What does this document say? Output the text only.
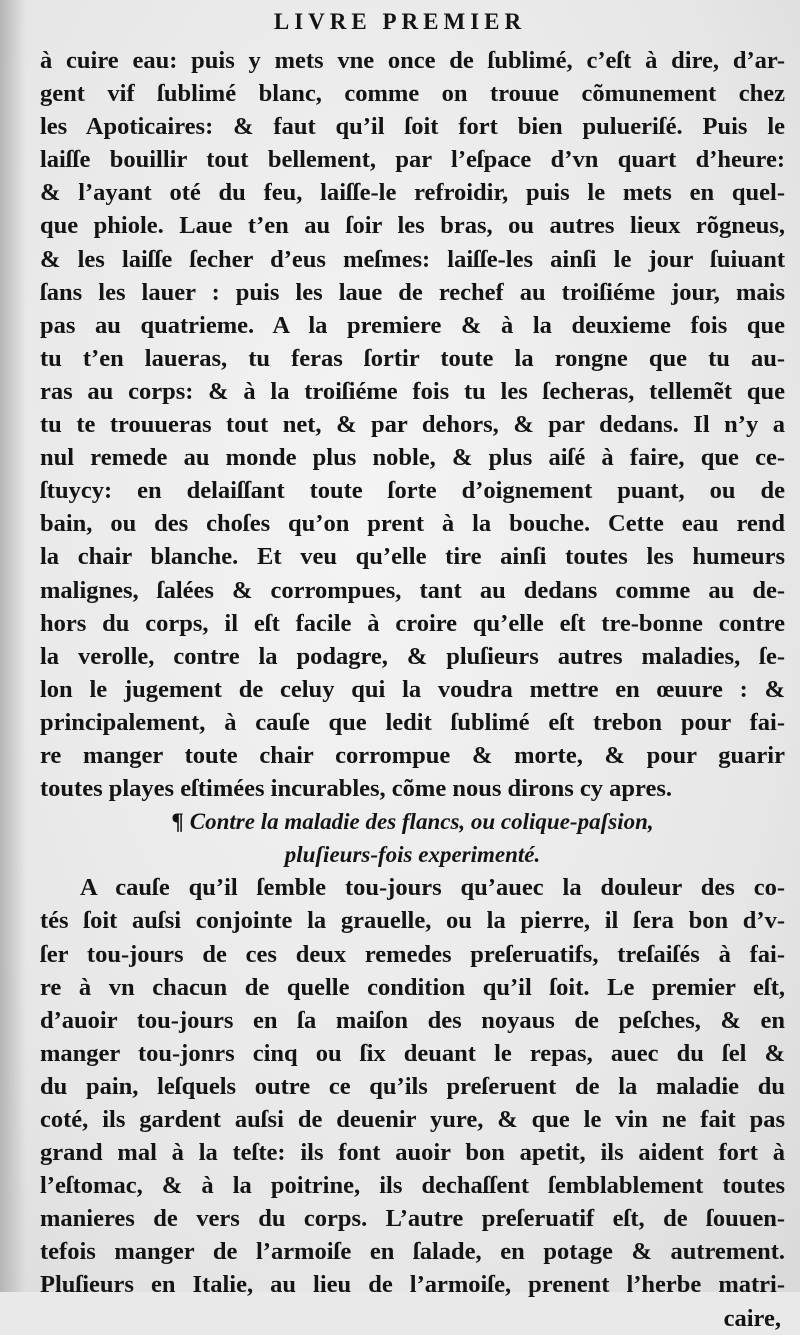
LIVRE PREMIER
à cuire eau: puis y mets vne once de ſublimé, c’eſt à dire, d’ar-
gent vif ſublimé blanc, comme on trouue cõmunement chez
les Apoticaires: & faut qu’il ſoit fort bien pulueriſé. Puis le
laiſſe bouillir tout bellement, par l’eſpace d’vn quart d’heure:
& l’ayant oté du feu, laiſſe-le refroidir, puis le mets en quel-
que phiole. Laue t’en au ſoir les bras, ou autres lieux rõgneus,
& les laiſſe ſecher d’eus meſmes: laiſſe-les ainſi le jour ſuiuant
ſans les lauer : puis les laue de rechef au troiſiéme jour, mais
pas au quatrieme. A la premiere & à la deuxieme fois que
tu t’en laueras, tu feras ſortir toute la rongne que tu au-
ras au corps: & à la troiſiéme fois tu les ſecheras, tellemẽt que
tu te trouueras tout net, & par dehors, & par dedans. Il n’y a
nul remede au monde plus noble, & plus aiſé à faire, que ce-
ſtuycy: en delaiſſant toute ſorte d’oignement puant, ou de
bain, ou des choſes qu’on prent à la bouche. Cette eau rend
la chair blanche. Et veu qu’elle tire ainſi toutes les humeurs
malignes, ſalées & corrompues, tant au dedans comme au de-
hors du corps, il eſt facile à croire qu’elle eſt tre-bonne contre
la verolle, contre la podagre, & pluſieurs autres maladies, ſe-
lon le jugement de celuy qui la voudra mettre en œuure : &
principalement, à cauſe que ledit ſublimé eſt trebon pour fai-
re manger toute chair corrompue & morte, & pour guarir
toutes playes eſtimées incurables, cõme nous dirons cy apres.
¶ Contre la maladie des flancs, ou colique-paſsion,
pluſieurs-fois experimenté.
A cauſe qu’il ſemble tou-jours qu’auec la douleur des co-
tés ſoit auſsi conjointe la grauelle, ou la pierre, il ſera bon d’v-
ſer tou-jours de ces deux remedes preſeruatifs, treſaiſés à fai-
re à vn chacun de quelle condition qu’il ſoit. Le premier eſt,
d’auoir tou-jours en ſa maiſon des noyaus de peſches, & en
manger tou-jonrs cinq ou ſix deuant le repas, auec du ſel &
du pain, leſquels outre ce qu’ils preſeruent de la maladie du
coté, ils gardent auſsi de deuenir yure, & que le vin ne fait pas
grand mal à la teſte: ils font auoir bon apetit, ils aident fort à
l’eſtomac, & à la poitrine, ils dechaſſent ſemblablement toutes
manieres de vers du corps. L’autre preſeruatif eſt, de ſouuen-
tefois manger de l’armoiſe en ſalade, en potage & autrement.
Pluſieurs en Italie, au lieu de l’armoiſe, prenent l’herbe matri-
caire,
